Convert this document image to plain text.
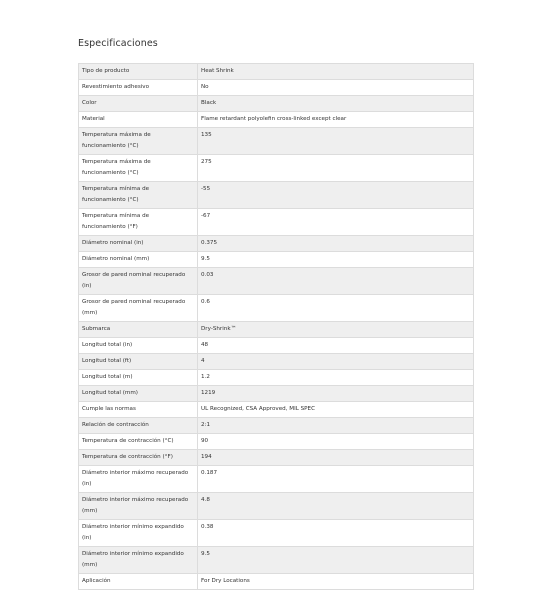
Especificaciones
Tipo de producto	Heat Shrink
Revestimiento adhesivo	No
Color	Black
Material	Flame retardant polyolefin cross-linked except clear
Temperatura máxima de funcionamiento (°C)	135
Temperatura máxima de funcionamiento (°C)	275
Temperatura mínima de funcionamiento (°C)	-55
Temperatura mínima de funcionamiento (°F)	-67
Diámetro nominal (in)	0.375
Diámetro nominal (mm)	9.5
Grosor de pared nominal recuperado (in)	0.03
Grosor de pared nominal recuperado (mm)	0.6
Submarca	Dry-Shrink™
Longitud total (in)	48
Longitud total (ft)	4
Longitud total (m)	1.2
Longitud total (mm)	1219
Cumple las normas	UL Recognized, CSA Approved, MIL SPEC
Relación de contracción	2:1
Temperatura de contracción (°C)	90
Temperatura de contracción (°F)	194
Diámetro interior máximo recuperado (in)	0.187
Diámetro interior máximo recuperado (mm)	4.8
Diámetro interior mínimo expandido (in)	0.38
Diámetro interior mínimo expandido (mm)	9.5
Aplicación	For Dry Locations
